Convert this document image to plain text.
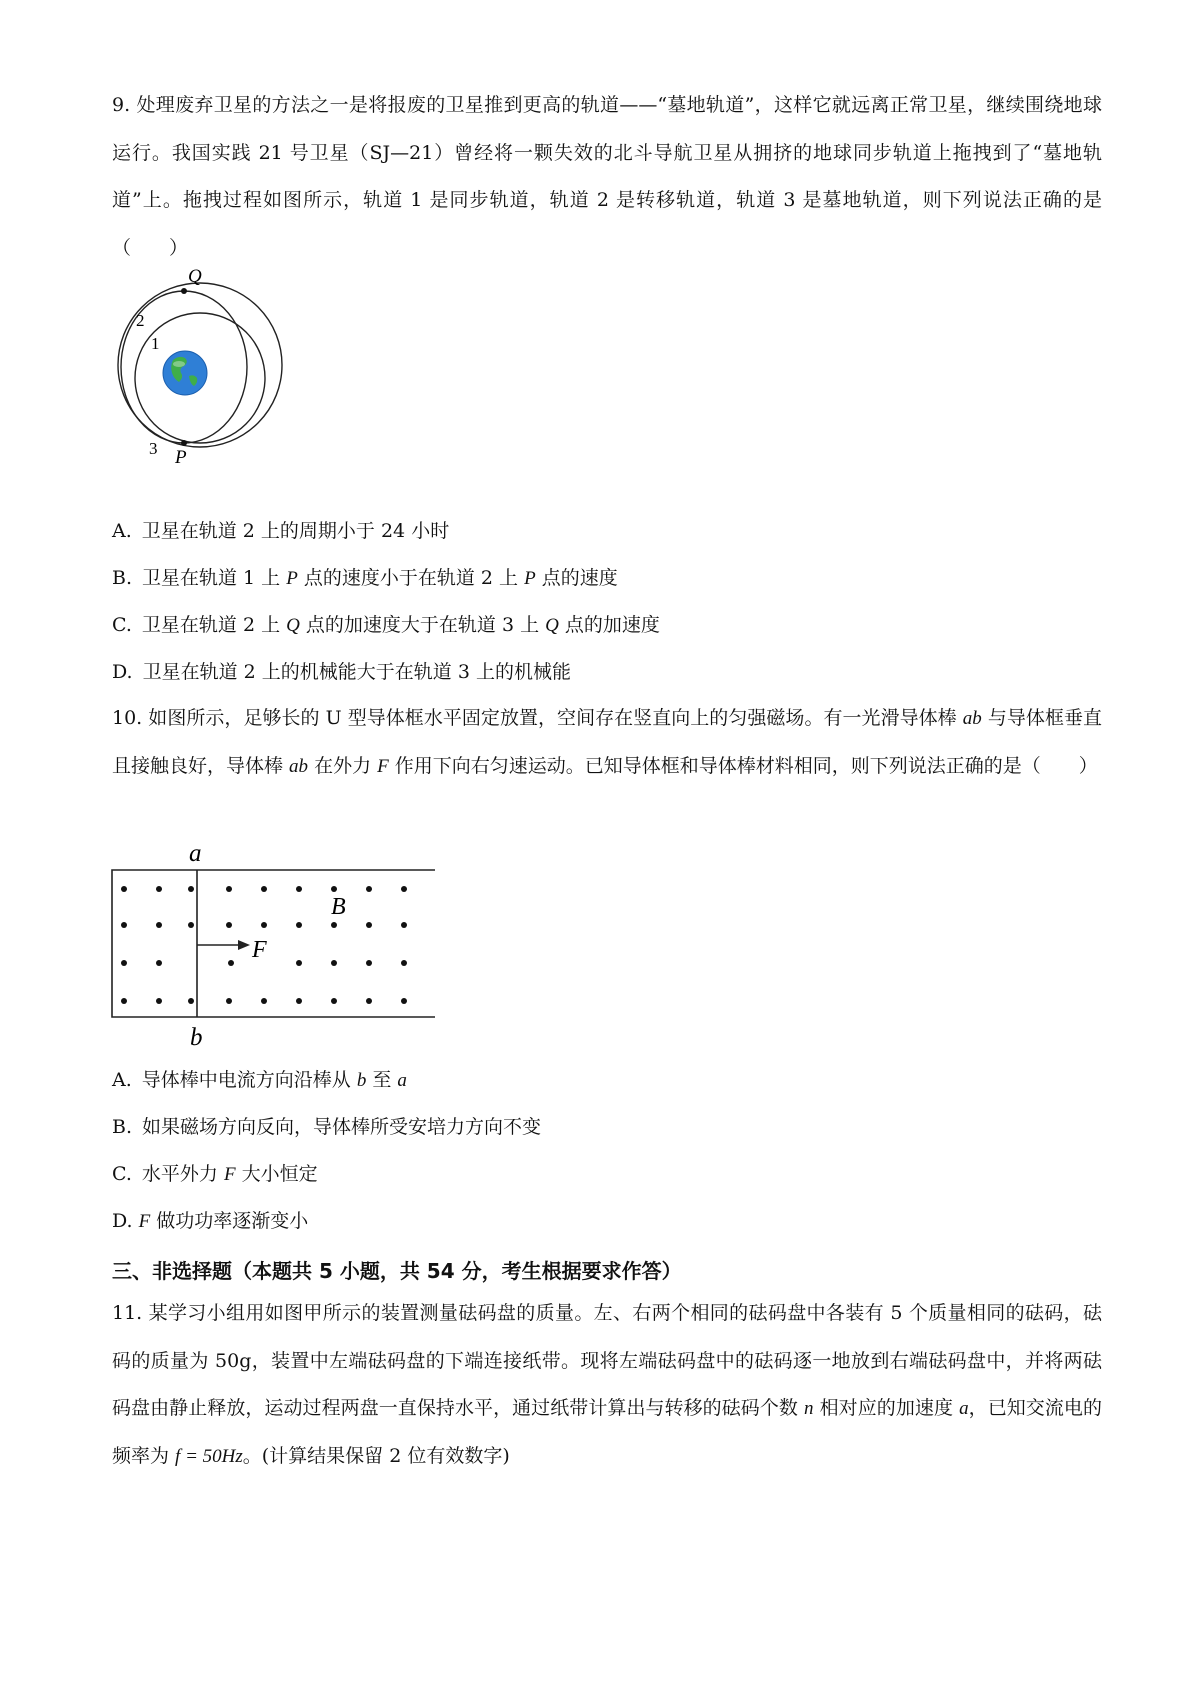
9. 处理废弃卫星的方法之一是将报废的卫星推到更高的轨道——“墓地轨道”，这样它就远离正常卫星，继续围绕地球运行。我国实践 21 号卫星（SJ—21）曾经将一颗失效的北斗导航卫星从拥挤的地球同步轨道上拖拽到了“墓地轨道”上。拖拽过程如图所示，轨道 1 是同步轨道，轨道 2 是转移轨道，轨道 3 是墓地轨道，则下列说法正确的是（　　）

Q
2
1
3 P
A. 卫星在轨道 2 上的周期小于 24 小时
B. 卫星在轨道 1 上 P 点的速度小于在轨道 2 上 P 点的速度
C. 卫星在轨道 2 上 Q 点的加速度大于在轨道 3 上 Q 点的加速度
D. 卫星在轨道 2 上的机械能大于在轨道 3 上的机械能

10. 如图所示，足够长的 U 型导体框水平固定放置，空间存在竖直向上的匀强磁场。有一光滑导体棒 ab 与导体框垂直且接触良好，导体棒 ab 在外力 F 作用下向右匀速运动。已知导体框和导体棒材料相同，则下列说法正确的是（　　）

a
b
B
F
A. 导体棒中电流方向沿棒从 b 至 a
B. 如果磁场方向反向，导体棒所受安培力方向不变
C. 水平外力 F 大小恒定
D. F 做功功率逐渐变小
三、非选择题（本题共 5 小题，共 54 分，考生根据要求作答）

11. 某学习小组用如图甲所示的装置测量砝码盘的质量。左、右两个相同的砝码盘中各装有 5 个质量相同的砝码，砝码的质量为 50g，装置中左端砝码盘的下端连接纸带。现将左端砝码盘中的砝码逐一地放到右端砝码盘中，并将两砝码盘由静止释放，运动过程两盘一直保持水平，通过纸带计算出与转移的砝码个数 n 相对应的加速度 a，已知交流电的频率为 f = 50Hz。(计算结果保留 2 位有效数字)
